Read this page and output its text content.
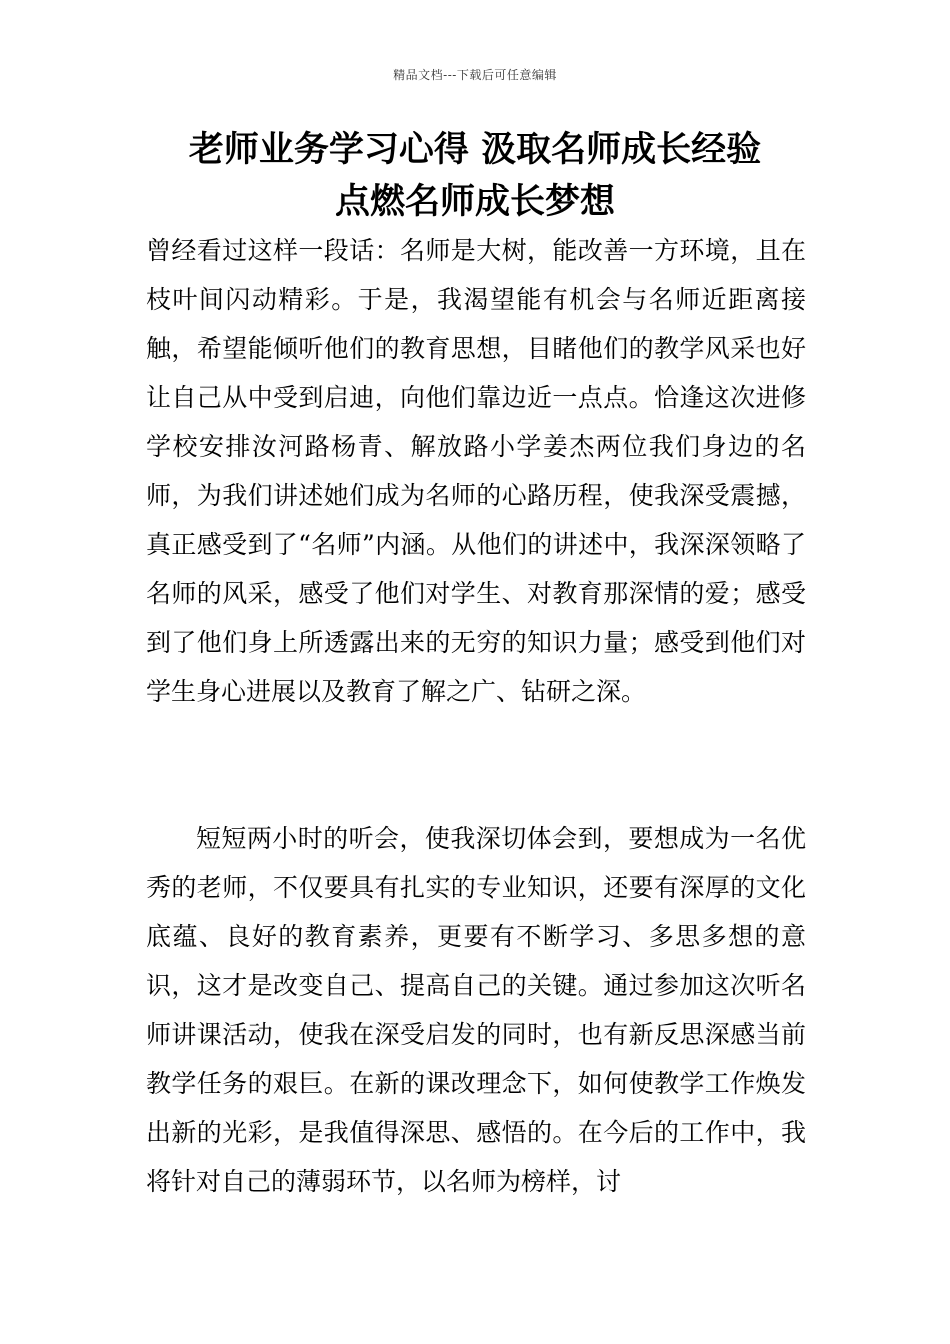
精品文档---下载后可任意编辑
老师业务学习心得 汲取名师成长经验
点燃名师成长梦想

曾经看过这样一段话：名师是大树，能改善一方环境，且在枝叶间闪动精彩。于是，我渴望能有机会与名师近距离接触，希望能倾听他们的教育思想，目睹他们的教学风采也好让自己从中受到启迪，向他们靠边近一点点。恰逢这次进修学校安排汝河路杨青、解放路小学姜杰两位我们身边的名师，为我们讲述她们成为名师的心路历程，使我深受震撼，真正感受到了“名师”内涵。从他们的讲述中，我深深领略了名师的风采，感受了他们对学生、对教育那深情的爱；感受到了他们身上所透露出来的无穷的知识力量；感受到他们对学生身心进展以及教育了解之广、钻研之深。

短短两小时的听会，使我深切体会到，要想成为一名优秀的老师，不仅要具有扎实的专业知识，还要有深厚的文化底蕴、良好的教育素养，更要有不断学习、多思多想的意识，这才是改变自己、提高自己的关键。通过参加这次听名师讲课活动，使我在深受启发的同时，也有新反思深感当前教学任务的艰巨。在新的课改理念下，如何使教学工作焕发出新的光彩，是我值得深思、感悟的。在今后的工作中，我将针对自己的薄弱环节，以名师为榜样，讨
